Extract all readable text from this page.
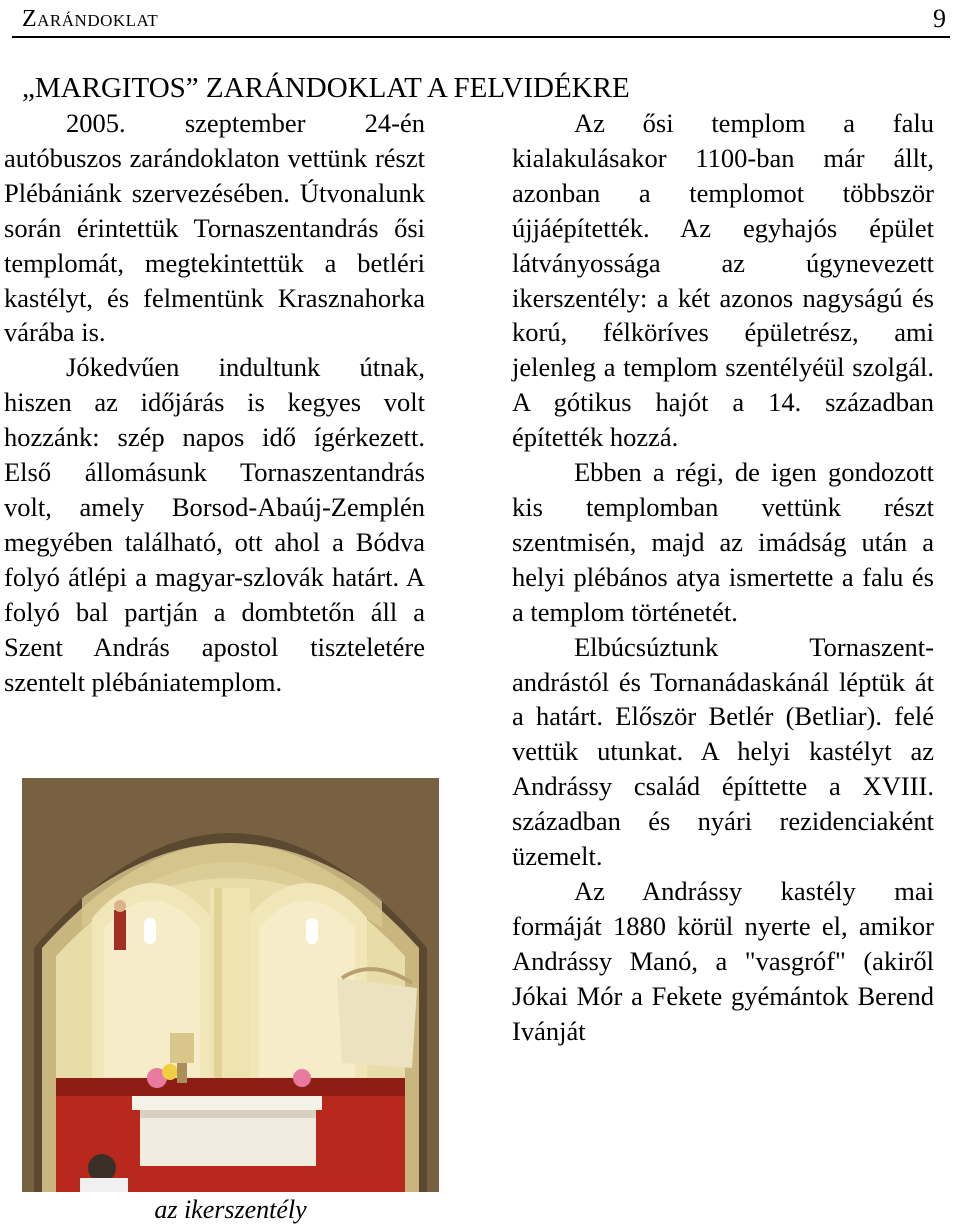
Zarándoklat	9
„MARGITOS” ZARÁNDOKLAT A FELVIDÉKRE

2005. szeptember 24-én autóbuszos zarándoklaton vettünk részt Plébániánk szervezésében. Útvonalunk során érintettük Tornaszentandrás ősi templomát, megtekintettük a betléri kastélyt, és felmentünk Krasznahorka várába is.

Jókedvűen indultunk útnak, hiszen az időjárás is kegyes volt hozzánk: szép napos idő ígérkezett. Első állomásunk Tornaszentandrás volt, amely Borsod-Abaúj-Zemplén megyében található, ott ahol a Bódva folyó átlépi a magyar-szlovák határt. A folyó bal partján a dombtetőn áll a Szent András apostol tiszteletére szentelt plébániatemplom.

Az ősi templom a falu kialakulásakor 1100-ban már állt, azonban a templomot többször újjáépítették. Az egyhajós épület látványossága az úgynevezett ikerszentély: a két azonos nagyságú és korú, félköríves épületrész, ami jelenleg a templom szentélyéül szolgál. A gótikus hajót a 14. században építették hozzá.

Ebben a régi, de igen gondozott kis templomban vettünk részt szentmisén, majd az imádság után a helyi plébános atya ismertette a falu és a templom történetét.

Elbúcsúztunk Tornaszent-andrástól és Tornanádaskánál léptük át a határt. Először Betlér (Betliar). felé vettük utunkat. A helyi kastélyt az Andrássy család építtette a XVIII. században és nyári rezidenciaként üzemelt.

Az Andrássy kastély mai formáját 1880 körül nyerte el, amikor Andrássy Manó, a "vasgróf" (akiről Jókai Mór a Fekete gyémántok Berend Ivánját

az ikerszentély
